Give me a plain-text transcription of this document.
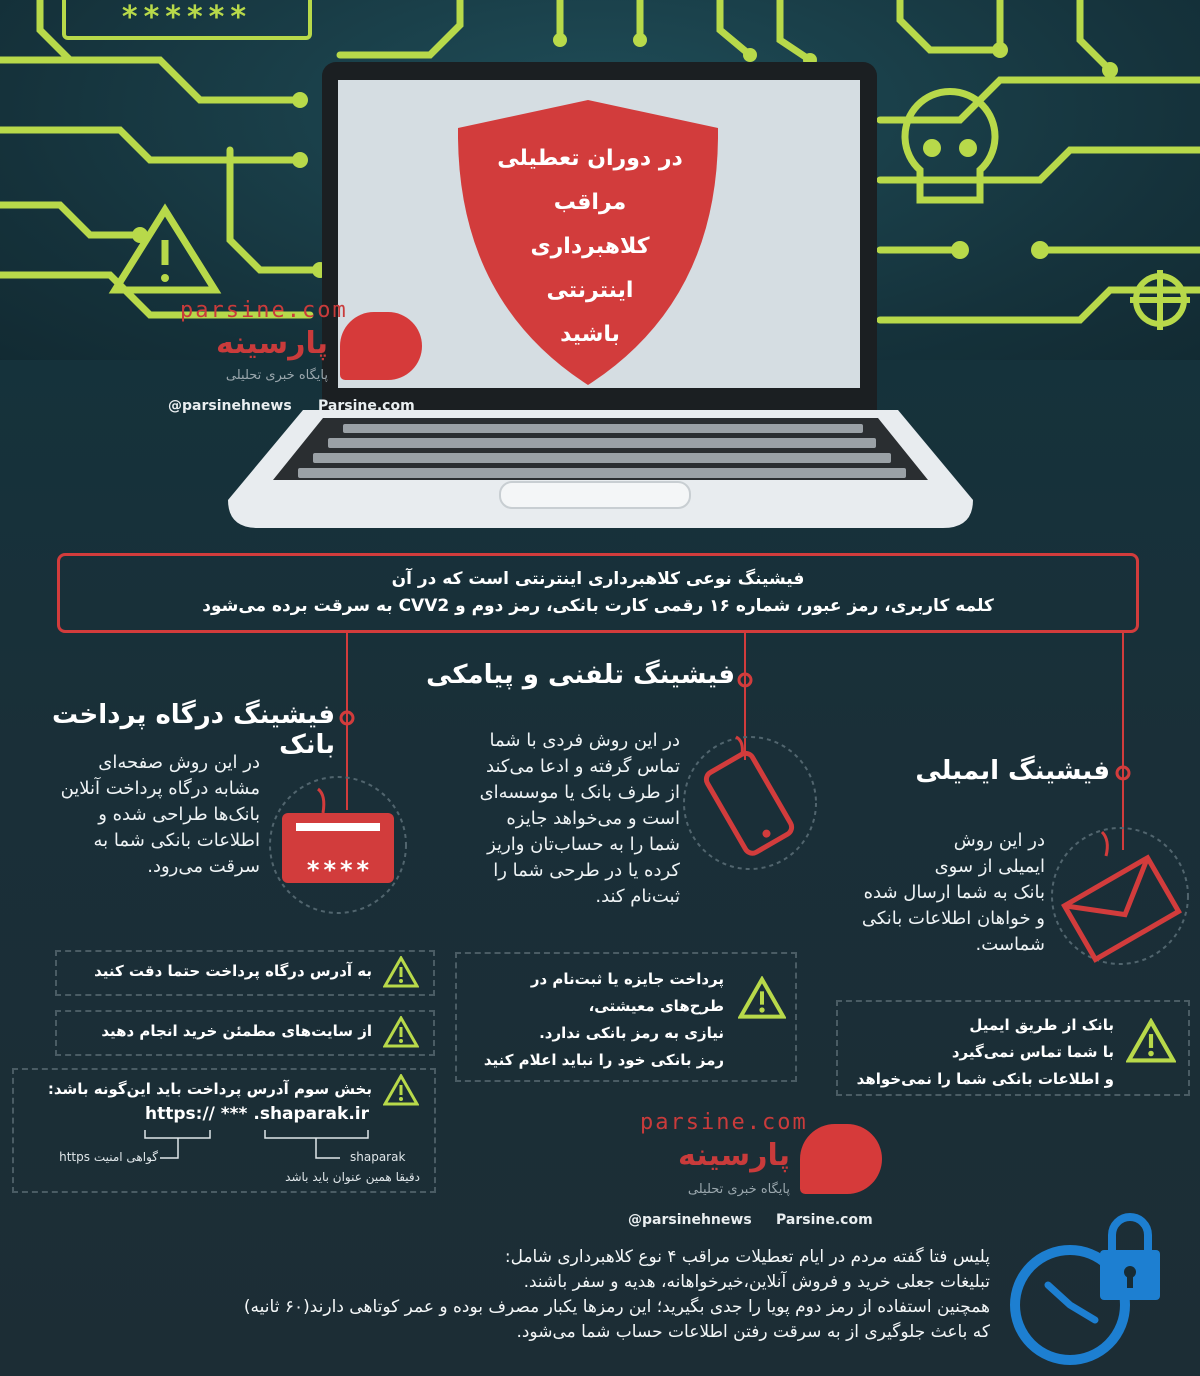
******
در دوران تعطیلی
مراقب
کلاهبرداری
اینترنتی
باشید
parsine.com
پارسینه
پایگاه خبری تحلیلی
@parsinehnews Parsine.com
فیشینگ نوعی کلاهبرداری اینترنتی است که در آن
کلمه کاربری، رمز عبور، شماره ۱۶ رقمی کارت بانکی، رمز دوم و CVV2 به سرقت برده می‌شود
فیشینگ درگاه پرداخت بانک
فیشینگ تلفنی و پیامکی
فیشینگ ایمیلی
در این روش صفحه‌ای
مشابه درگاه پرداخت آنلاین
بانک‌ها طراحی شده و
اطلاعات بانکی شما به
سرقت می‌رود.	****
در این روش فردی با شما
تماس گرفته و ادعا می‌کند
از طرف بانک یا موسسه‌ای
است و می‌خواهد جایزه
شما را به حساب‌تان واریز
کرده یا در طرحی شما را
ثبت‌نام کند.
در این روش
ایمیلی از سوی
بانک به شما ارسال شده
و خواهان اطلاعات بانکی
شماست.
به آدرس درگاه پرداخت حتما دقت کنید
از سایت‌های مطمئن خرید انجام دهید
بخش سوم آدرس پرداخت باید این‌گونه باشد:
https:// *** .shaparak.ir
گواهی امنیت https	shaparak
دقیقا همین عنوان باید باشد
پرداخت جایزه یا ثبت‌نام در
طرح‌های معیشتی،
نیازی به رمز بانکی ندارد.
رمز بانکی خود را نباید اعلام کنید
بانک از طریق ایمیل
با شما تماس نمی‌گیرد
و اطلاعات بانکی شما را نمی‌خواهد
parsine.com
پارسینه
پایگاه خبری تحلیلی
@parsinehnews Parsine.com
پلیس فتا گفته مردم در ایام تعطیلات مراقب ۴ نوع کلاهبرداری شامل:
تبلیغات جعلی خرید و فروش آنلاین،خیرخواهانه، هدیه و سفر باشند.
همچنین استفاده از رمز دوم پویا را جدی بگیرید؛ این رمزها یکبار مصرف بوده و عمر کوتاهی دارند(۶۰ ثانیه)
که باعث جلوگیری از به سرقت رفتن اطلاعات حساب شما می‌شود.
